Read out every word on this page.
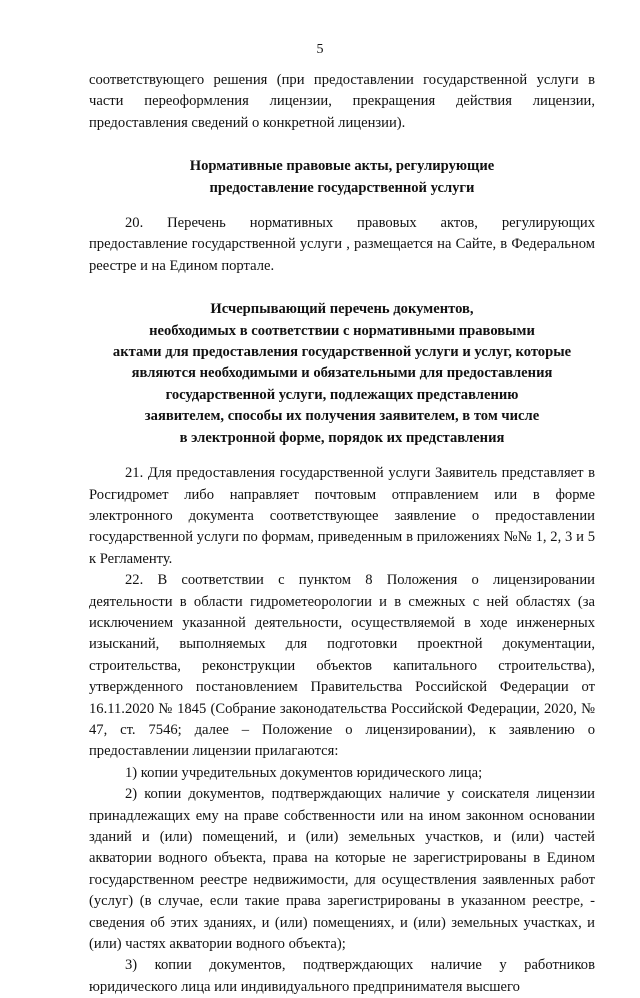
5

соответствующего решения (при предоставлении государственной услуги в части переоформления лицензии, прекращения действия лицензии, предоставления сведений о конкретной лицензии).

Нормативные правовые акты, регулирующие
предоставление государственной услуги

20. Перечень нормативных правовых актов, регулирующих предоставление государственной услуги , размещается на Сайте, в Федеральном реестре и на Едином портале.

Исчерпывающий перечень документов,
необходимых в соответствии с нормативными правовыми
актами для предоставления государственной услуги и услуг, которые
являются необходимыми и обязательными для предоставления
государственной услуги, подлежащих представлению
заявителем, способы их получения заявителем, в том числе
в электронной форме, порядок их представления

21. Для предоставления государственной услуги Заявитель представляет в Росгидромет либо направляет почтовым отправлением или в форме электронного документа соответствующее заявление о предоставлении государственной услуги по формам, приведенным в приложениях №№ 1, 2, 3 и 5 к Регламенту.

22. В соответствии с пунктом 8 Положения о лицензировании деятельности в области гидрометеорологии и в смежных с ней областях (за исключением указанной деятельности, осуществляемой в ходе инженерных изысканий, выполняемых для подготовки проектной документации, строительства, реконструкции объектов капитального строительства), утвержденного постановлением Правительства Российской Федерации от 16.11.2020 № 1845 (Собрание законодательства Российской Федерации, 2020, № 47, ст. 7546; далее – Положение о лицензировании), к заявлению о предоставлении лицензии прилагаются:

1) копии учредительных документов юридического лица;

2) копии документов, подтверждающих наличие у соискателя лицензии принадлежащих ему на праве собственности или на ином законном основании зданий и (или) помещений, и (или) земельных участков, и (или) частей акватории водного объекта, права на которые не зарегистрированы в Едином государственном реестре недвижимости, для осуществления заявленных работ (услуг) (в случае, если такие права зарегистрированы в указанном реестре, - сведения об этих зданиях, и (или) помещениях, и (или) земельных участках, и (или) частях акватории водного объекта);

3) копии документов, подтверждающих наличие у работников юридического лица или индивидуального предпринимателя высшего
